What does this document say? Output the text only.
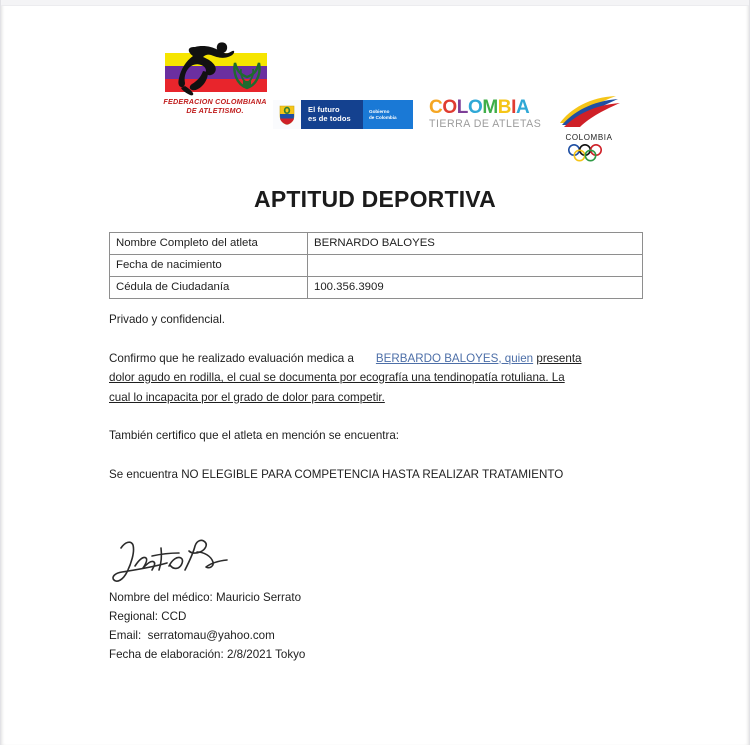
FEDERACION COLOMBIANA
DE ATLETISMO.	El futuro
es de todos
Gobierno
de Colombia	COLOMBIA
TIERRA DE ATLETAS
COLOMBIA
APTITUD DEPORTIVA
Nombre Completo del atleta	BERNARDO BALOYES
Fecha de nacimiento	
Cédula de Ciudadanía	100.356.3909

Privado y confidencial.

Confirmo que he realizado evaluación medica a BERBARDO BALOYES, quien presenta
dolor agudo en rodilla, el cual se documenta por ecografía una tendinopatía rotuliana. La
cual lo incapacita por el grado de dolor para competir.

También certifico que el atleta en mención se encuentra:

Se encuentra NO ELEGIBLE PARA COMPETENCIA HASTA REALIZAR TRATAMIENTO

Nombre del médico: Mauricio Serrato
Regional: CCD
Email:  serratomau@yahoo.com
Fecha de elaboración: 2/8/2021 Tokyo
